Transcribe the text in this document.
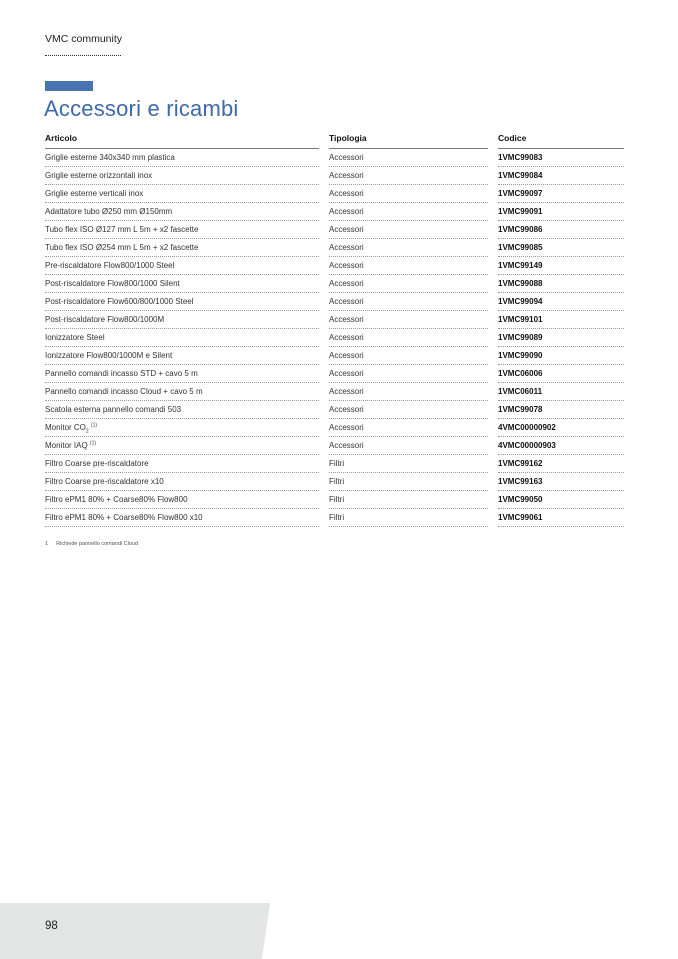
VMC community
Accessori e ricambi
Articolo		Tipologia		Codice
Griglie esterne 340x340 mm plastica		Accessori		1VMC99083
Griglie esterne orizzontali inox		Accessori		1VMC99084
Griglie esterne verticali inox		Accessori		1VMC99097
Adattatore tubo Ø250 mm Ø150mm		Accessori		1VMC99091
Tubo flex ISO Ø127 mm L 5m + x2 fascette		Accessori		1VMC99086
Tubo flex ISO Ø254 mm L 5m + x2 fascette		Accessori		1VMC99085
Pre-riscaldatore Flow800/1000 Steel		Accessori		1VMC99149
Post-riscaldatore Flow800/1000 Silent		Accessori		1VMC99088
Post-riscaldatore Flow600/800/1000 Steel		Accessori		1VMC99094
Post-riscaldatore Flow800/1000M		Accessori		1VMC99101
Ionizzatore Steel		Accessori		1VMC99089
Ionizzatore Flow800/1000M e Silent		Accessori		1VMC99090
Pannello comandi incasso STD + cavo 5 m		Accessori		1VMC06006
Pannello comandi incasso Cloud + cavo 5 m		Accessori		1VMC06011
Scatola esterna pannello comandi 503		Accessori		1VMC99078
Monitor $CO_2$ $^{(1)}$		Accessori		4VMC00000902
Monitor IAQ $^{(1)}$		Accessori		4VMC00000903
Filtro Coarse pre-riscaldatore		Filtri		1VMC99162
Filtro Coarse pre-riscaldatore x10		Filtri		1VMC99163
Filtro ePM1 80% + Coarse80% Flow800		Filtri		1VMC99050
Filtro ePM1 80% + Coarse80% Flow800 x10		Filtri		1VMC99061
1 Richiede pannello comandi Cloud
98
